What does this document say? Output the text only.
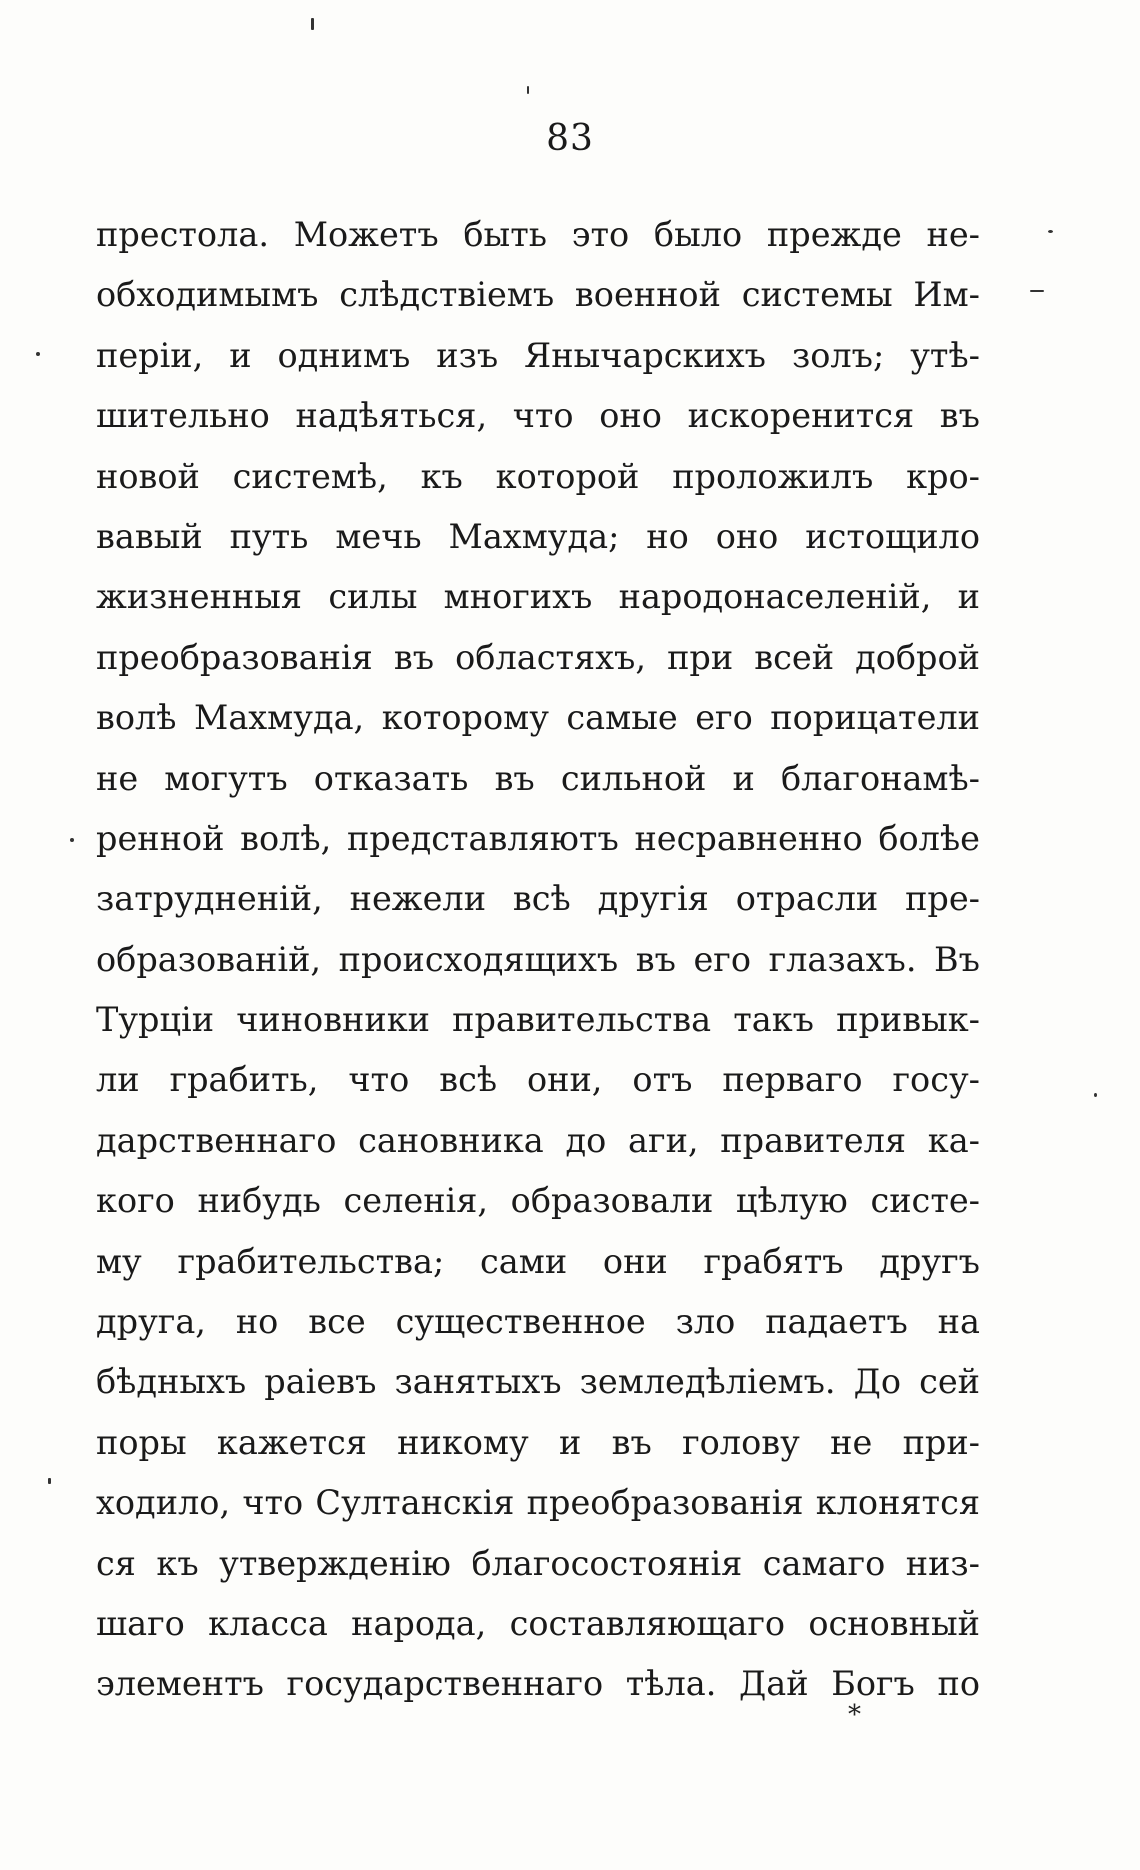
83
престола. Можетъ быть это было прежде не-
обходимымъ слѣдствіемъ военной системы Им-
періи, и однимъ изъ Янычарскихъ золъ; утѣ-
шительно надѣяться, что оно искоренится въ
новой системѣ, къ которой проложилъ кро-
вавый путь мечь Махмуда; но оно истощило
жизненныя силы многихъ народонаселеній, и
преобразованія въ областяхъ, при всей доброй
волѣ Махмуда, которому самые его порицатели
не могутъ отказать въ сильной и благонамѣ-
ренной волѣ, представляютъ несравненно болѣе
затрудненій, нежели всѣ другія отрасли пре-
образованій, происходящихъ въ его глазахъ. Въ
Турціи чиновники правительства такъ привык-
ли грабить, что всѣ они, отъ перваго госу-
дарственнаго сановника до аги, правителя ка-
кого нибудь селенія, образовали цѣлую систе-
му грабительства; сами они грабятъ другъ
друга, но все существенное зло падаетъ на
бѣдныхъ раіевъ занятыхъ земледѣліемъ. До сей
поры кажется никому и въ голову не при-
ходило, что Султанскія преобразованія клонятся
ся къ утвержденію благосостоянія самаго низ-
шаго класса народа, составляющаго основный
элементъ государственнаго тѣла. Дай Богъ по
*
